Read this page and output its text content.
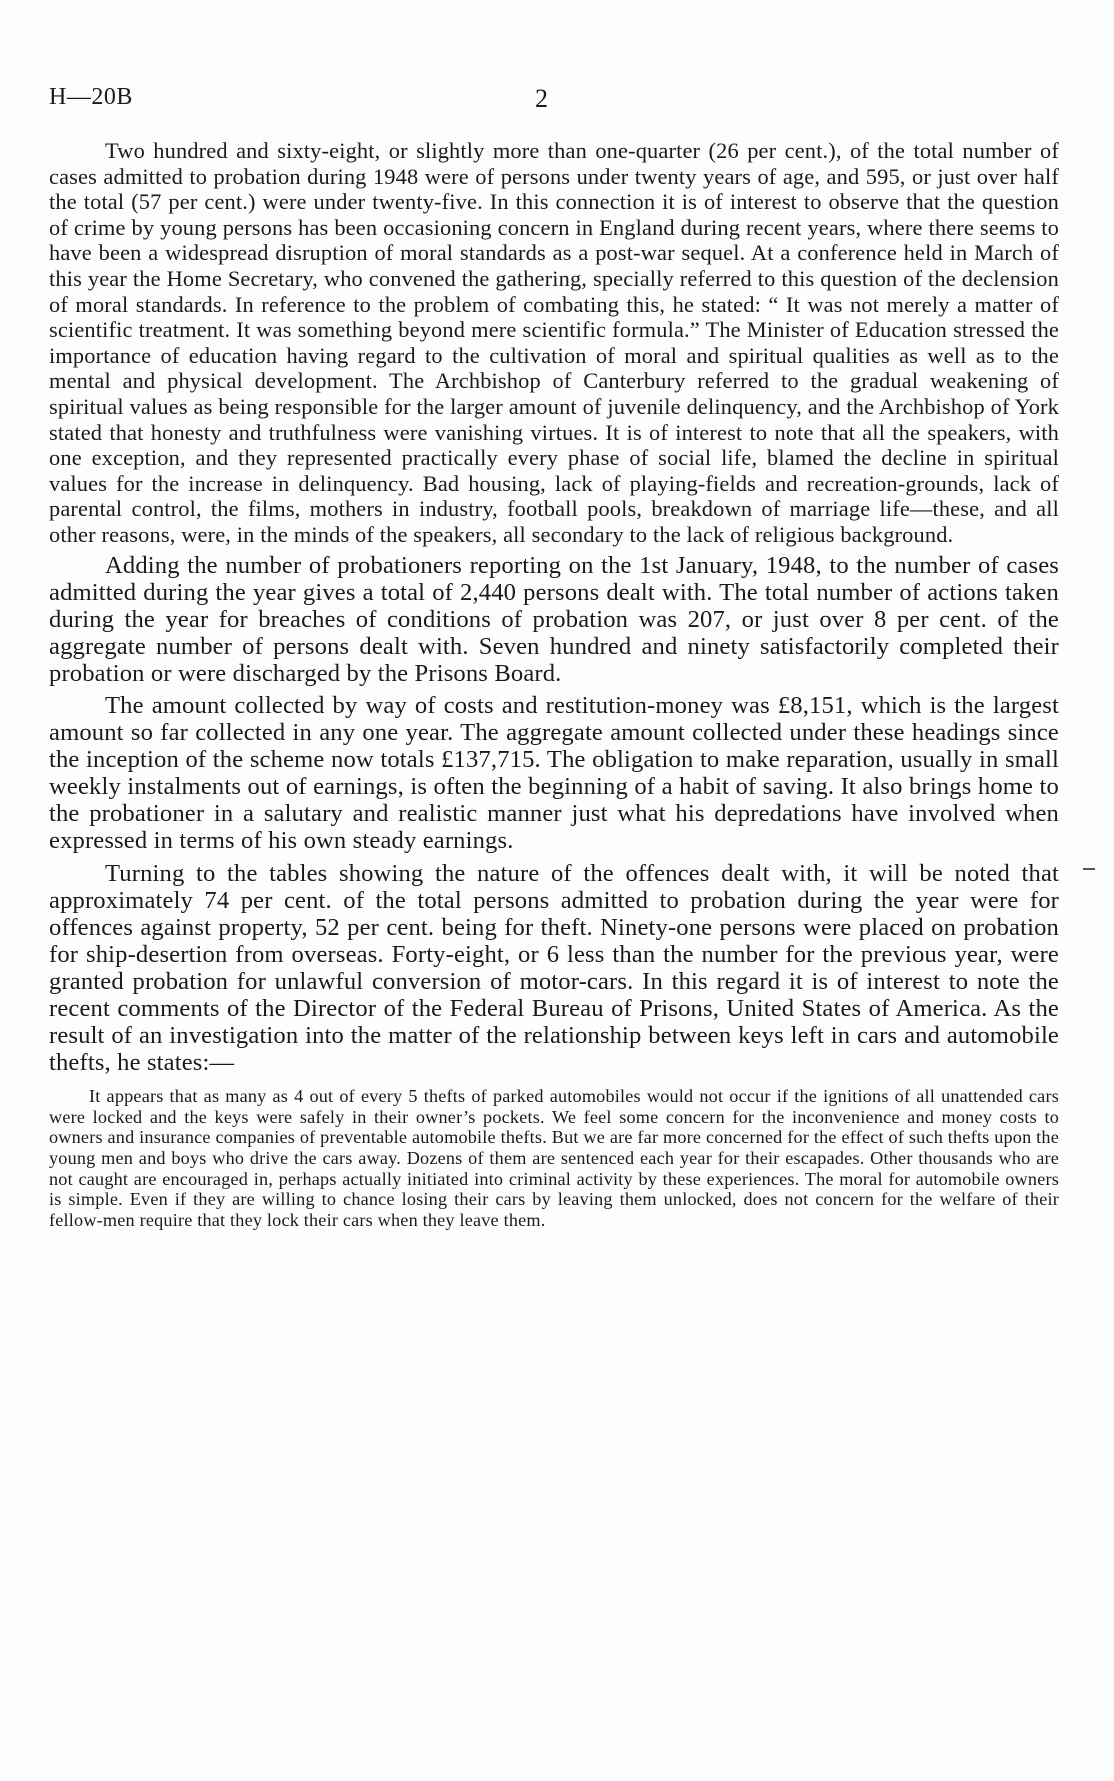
H—20B	2

Two hundred and sixty-eight, or slightly more than one-quarter (26 per cent.), of the total number of cases admitted to probation during 1948 were of persons under twenty years of age, and 595, or just over half the total (57 per cent.) were under twenty-five. In this connection it is of interest to observe that the question of crime by young persons has been occasioning concern in England during recent years, where there seems to have been a widespread disruption of moral standards as a post-war sequel. At a conference held in March of this year the Home Secretary, who convened the gathering, specially referred to this question of the declension of moral standards. In reference to the problem of combating this, he stated: “ It was not merely a matter of scientific treatment. It was something beyond mere scientific formula.” The Minister of Education stressed the importance of education having regard to the cultivation of moral and spiritual qualities as well as to the mental and physical development. The Archbishop of Canterbury referred to the gradual weakening of spiritual values as being responsible for the larger amount of juvenile delinquency, and the Archbishop of York stated that honesty and truthfulness were vanishing virtues. It is of interest to note that all the speakers, with one exception, and they represented practically every phase of social life, blamed the decline in spiritual values for the increase in delinquency. Bad housing, lack of playing-fields and recreation-grounds, lack of parental control, the films, mothers in industry, football pools, breakdown of marriage life—these, and all other reasons, were, in the minds of the speakers, all secondary to the lack of religious background.

Adding the number of probationers reporting on the 1st January, 1948, to the number of cases admitted during the year gives a total of 2,440 persons dealt with. The total number of actions taken during the year for breaches of conditions of probation was 207, or just over 8 per cent. of the aggregate number of persons dealt with. Seven hundred and ninety satisfactorily completed their probation or were discharged by the Prisons Board.

The amount collected by way of costs and restitution-money was £8,151, which is the largest amount so far collected in any one year. The aggregate amount collected under these headings since the inception of the scheme now totals £137,715. The obligation to make reparation, usually in small weekly instalments out of earnings, is often the beginning of a habit of saving. It also brings home to the probationer in a salutary and realistic manner just what his depredations have involved when expressed in terms of his own steady earnings.

Turning to the tables showing the nature of the offences dealt with, it will be noted that approximately 74 per cent. of the total persons admitted to probation during the year were for offences against property, 52 per cent. being for theft. Ninety-one persons were placed on probation for ship-desertion from overseas. Forty-eight, or 6 less than the number for the previous year, were granted probation for unlawful conversion of motor-cars. In this regard it is of interest to note the recent comments of the Director of the Federal Bureau of Prisons, United States of America. As the result of an investigation into the matter of the relationship between keys left in cars and automobile thefts, he states:—

It appears that as many as 4 out of every 5 thefts of parked automobiles would not occur if the ignitions of all unattended cars were locked and the keys were safely in their owner’s pockets. We feel some concern for the inconvenience and money costs to owners and insurance companies of preventable automobile thefts. But we are far more concerned for the effect of such thefts upon the young men and boys who drive the cars away. Dozens of them are sentenced each year for their escapades. Other thousands who are not caught are encouraged in, perhaps actually initiated into criminal activity by these experiences. The moral for automobile owners is simple. Even if they are willing to chance losing their cars by leaving them unlocked, does not concern for the welfare of their fellow-men require that they lock their cars when they leave them.
